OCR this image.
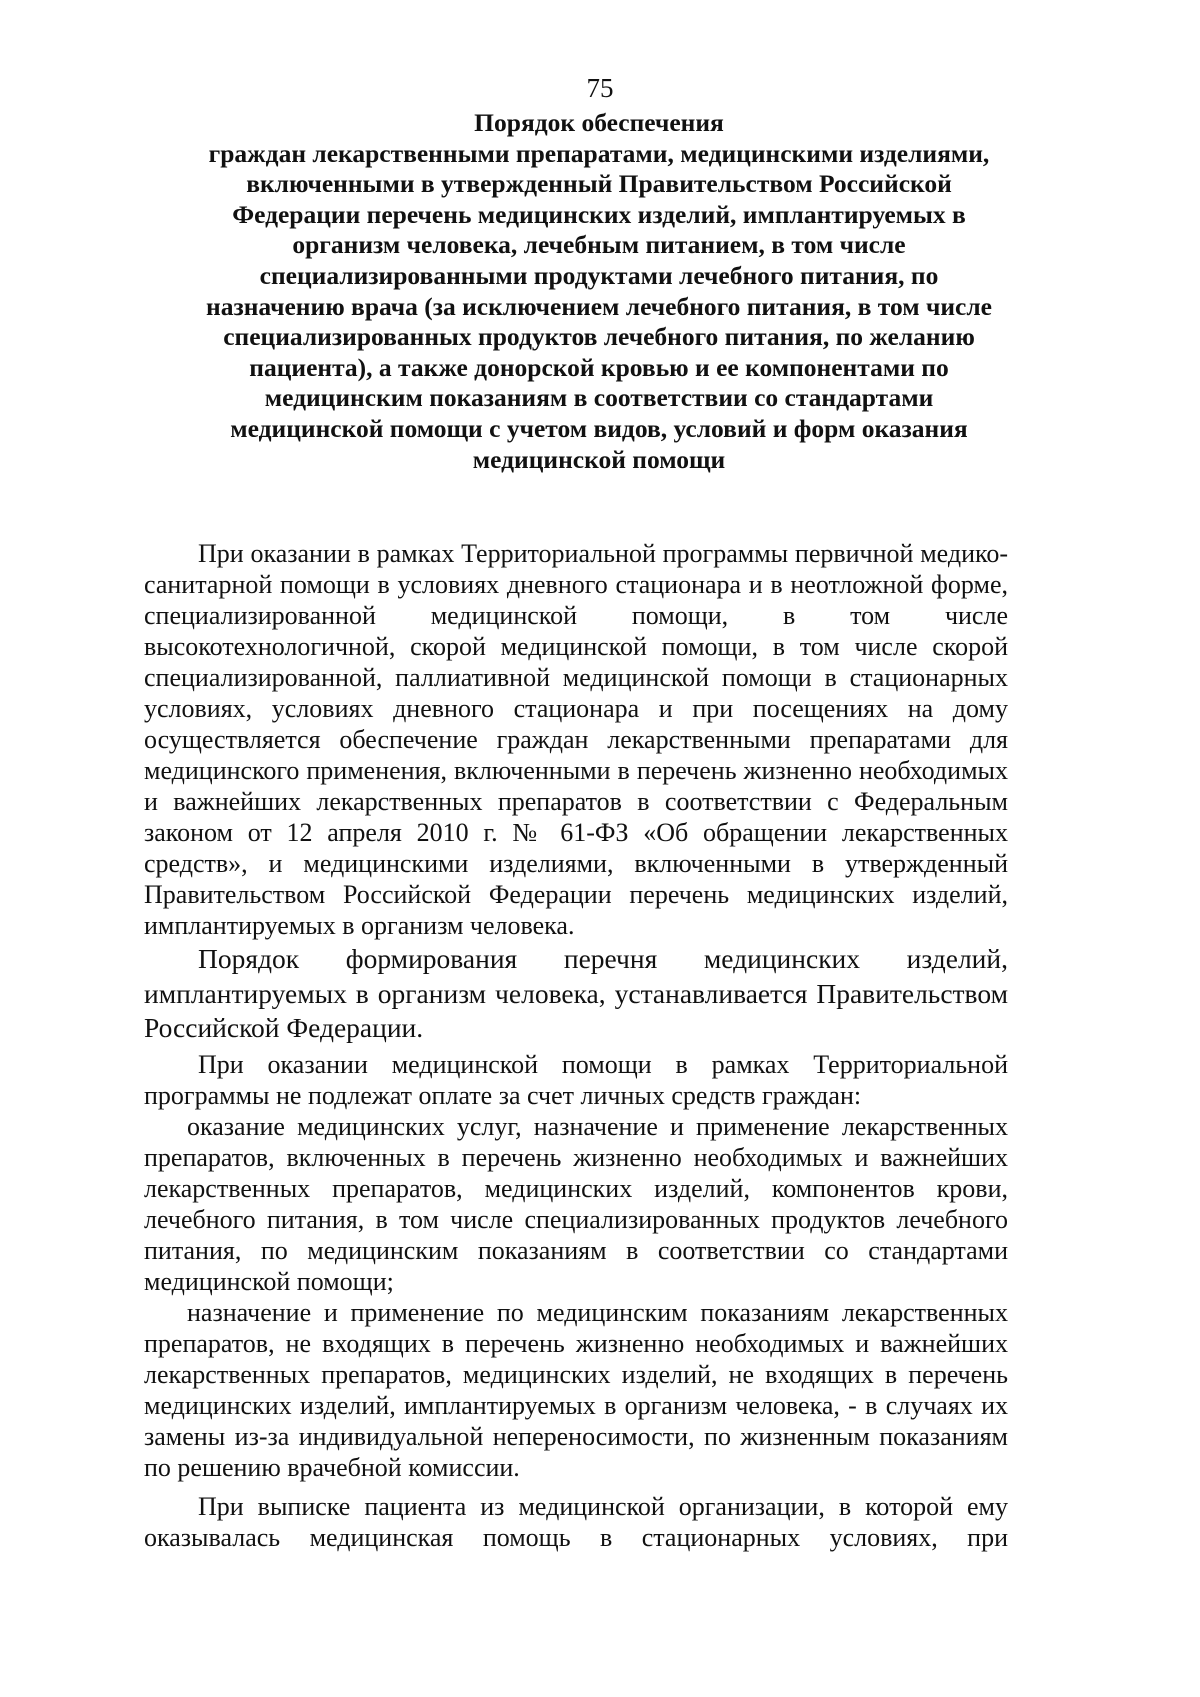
75
Порядок обеспечения
граждан лекарственными препаратами, медицинскими изделиями,
включенными в утвержденный Правительством Российской
Федерации перечень медицинских изделий, имплантируемых в
организм человека, лечебным питанием, в том числе
специализированными продуктами лечебного питания, по
назначению врача (за исключением лечебного питания, в том числе
специализированных продуктов лечебного питания, по желанию
пациента), а также донорской кровью и ее компонентами по
медицинским показаниям в соответствии со стандартами
медицинской помощи с учетом видов, условий и форм оказания
медицинской помощи

При оказании в рамках Территориальной программы первичной медико-санитарной помощи в условиях дневного стационара и в неотложной форме, специализированной медицинской помощи, в том числе высокотехнологичной, скорой медицинской помощи, в том числе скорой специализированной, паллиативной медицинской помощи в стационарных условиях, условиях дневного стационара и при посещениях на дому осуществляется обеспечение граждан лекарственными препаратами для медицинского применения, включенными в перечень жизненно необходимых и важнейших лекарственных препаратов в соответствии с Федеральным законом от 12 апреля 2010 г. № 61-ФЗ «Об обращении лекарственных средств», и медицинскими изделиями, включенными в утвержденный Правительством Российской Федерации перечень медицинских изделий, имплантируемых в организм человека.

Порядок формирования перечня медицинских изделий, имплантируемых в организм человека, устанавливается Правительством Российской Федерации.

При оказании медицинской помощи в рамках Территориальной программы не подлежат оплате за счет личных средств граждан:

оказание медицинских услуг, назначение и применение лекарственных препаратов, включенных в перечень жизненно необходимых и важнейших лекарственных препаратов, медицинских изделий, компонентов крови, лечебного питания, в том числе специализированных продуктов лечебного питания, по медицинским показаниям в соответствии со стандартами медицинской помощи;

назначение и применение по медицинским показаниям лекарственных препаратов, не входящих в перечень жизненно необходимых и важнейших лекарственных препаратов, медицинских изделий, не входящих в перечень медицинских изделий, имплантируемых в организм человека, - в случаях их замены из-за индивидуальной непереносимости, по жизненным показаниям по решению врачебной комиссии.

При выписке пациента из медицинской организации, в которой ему оказывалась медицинская помощь в стационарных условиях, при
